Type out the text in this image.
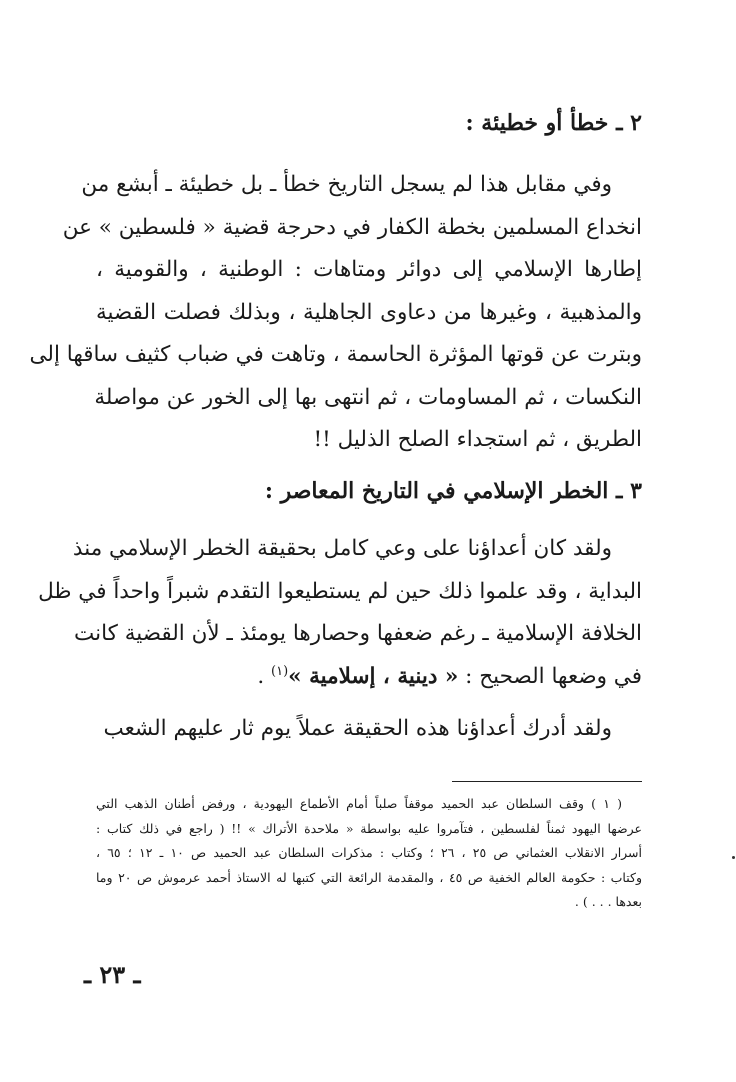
٢ ـ خطأ أو خطيئة :
وفي مقابل هذا لم يسجل التاريخ خطأ ـ بل خطيئة ـ أبشع من
انخداع المسلمين بخطة الكفار في دحرجة قضية « فلسطين » عن
إطارها الإسلامي إلى دوائر ومتاهات : الوطنية ، والقومية ،
والمذهبية ، وغيرها من دعاوى الجاهلية ، وبذلك فصلت القضية
وبترت عن قوتها المؤثرة الحاسمة ، وتاهت في ضباب كثيف ساقها إلى
النكسات ، ثم المساومات ، ثم انتهى بها إلى الخور عن مواصلة
الطريق ، ثم استجداء الصلح الذليل !!
٣ ـ الخطر الإسلامي في التاريخ المعاصر :
ولقد كان أعداؤنا على وعي كامل بحقيقة الخطر الإسلامي منذ
البداية ، وقد علموا ذلك حين لم يستطيعوا التقدم شبراً واحداً في ظل
الخلافة الإسلامية ـ رغم ضعفها وحصارها يومئذ ـ لأن القضية كانت
في وضعها الصحيح : « دينية ، إسلامية »$^{(١)}$ .
ولقد أدرك أعداؤنا هذه الحقيقة عملاً يوم ثار عليهم الشعب
( ١ ) وقف السلطان عبد الحميد موقفاً صلباً أمام الأطماع اليهودية ، ورفض أطنان الذهب التي
عرضها اليهود ثمناً لفلسطين ، فتآمروا عليه بواسطة « ملاحدة الأتراك » !! ( راجع في ذلك كتاب :
أسرار الانقلاب العثماني ص ٢٥ ، ٢٦ ؛ وكتاب : مذكرات السلطان عبد الحميد ص ١٠ ـ ١٢ ؛ ٦٥ ،
وكتاب : حكومة العالم الخفية ص ٤٥ ، والمقدمة الرائعة التي كتبها له الاستاذ أحمد عرموش ص ٢٠ وما
بعدها . . . ) .
ـ ٢٣ ـ
